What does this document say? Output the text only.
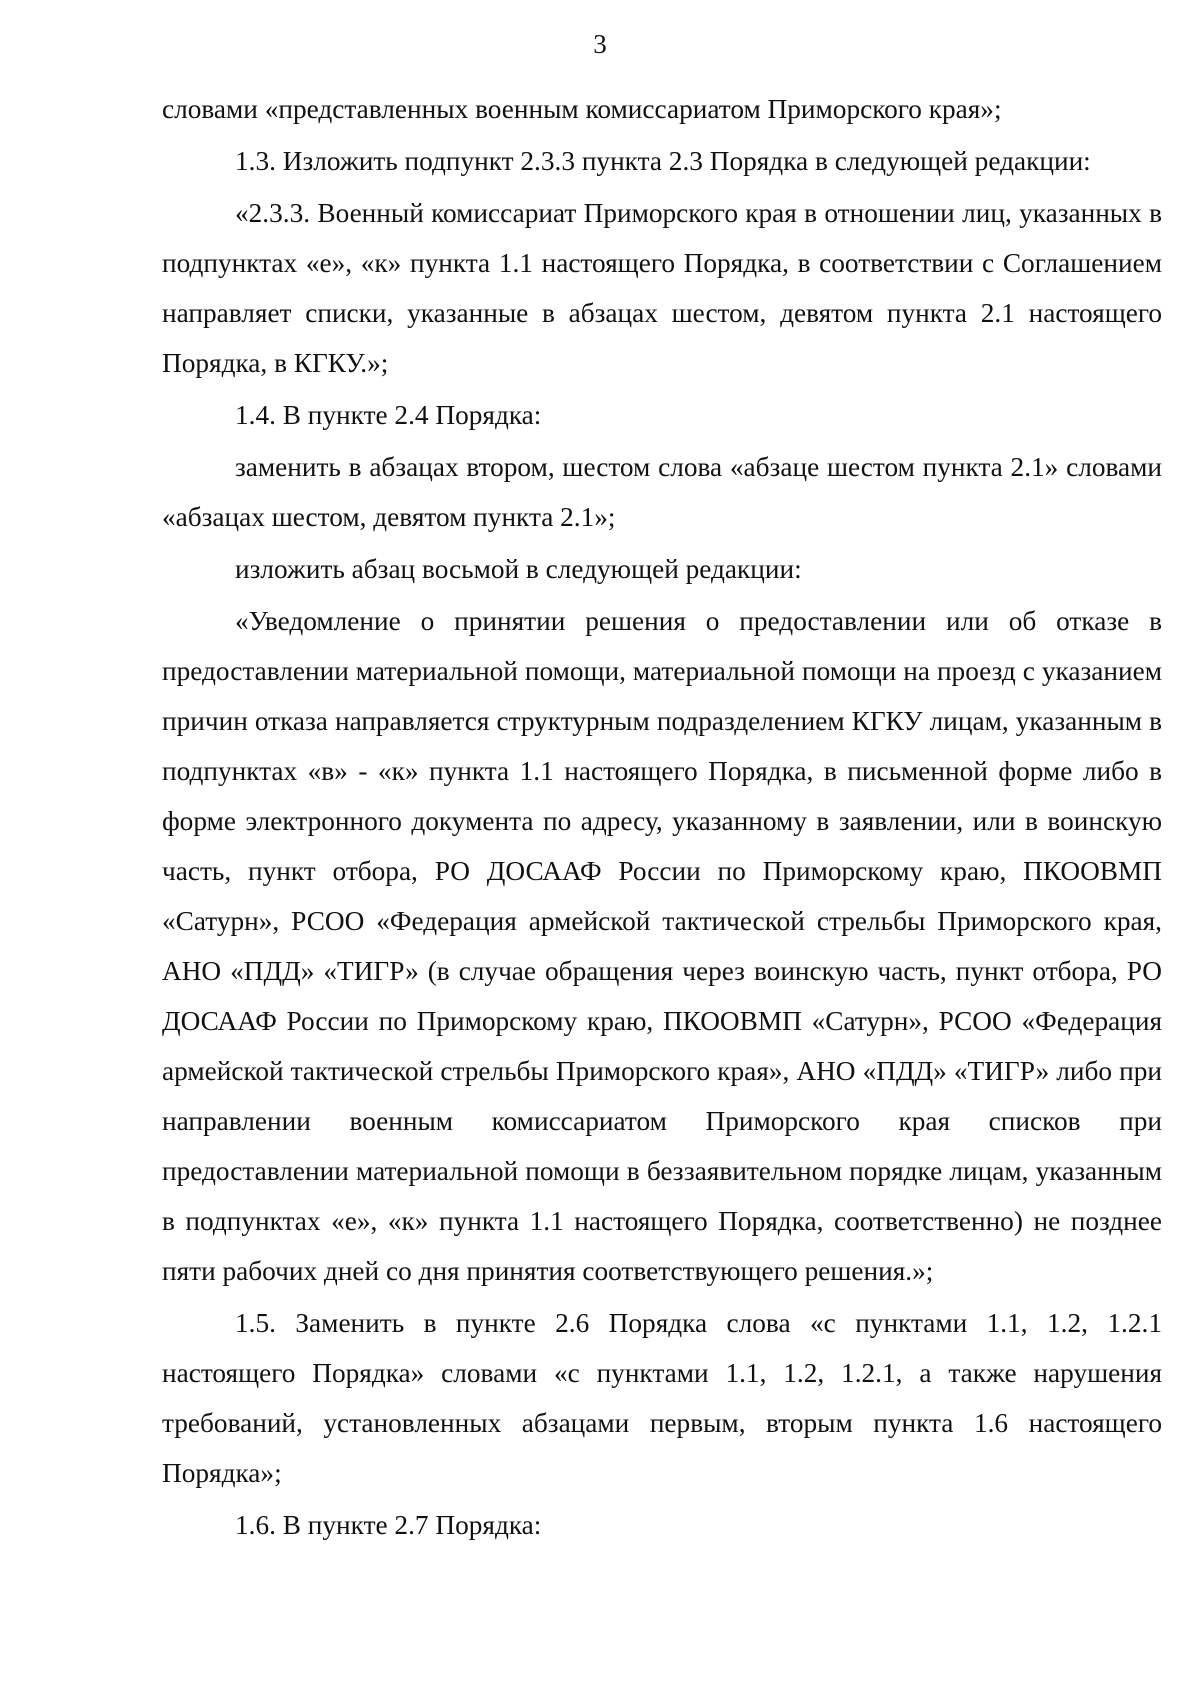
3

словами «представленных военным комиссариатом Приморского края»;

1.3. Изложить подпункт 2.3.3 пункта 2.3 Порядка в следующей редакции:

«2.3.3. Военный комиссариат Приморского края в отношении лиц, указанных в подпунктах «е», «к» пункта 1.1 настоящего Порядка, в соответствии с Соглашением направляет списки, указанные в абзацах шестом, девятом пункта 2.1 настоящего Порядка, в КГКУ.»;

1.4. В пункте 2.4 Порядка:

заменить в абзацах втором, шестом слова «абзаце шестом пункта 2.1» словами «абзацах шестом, девятом пункта 2.1»;

изложить абзац восьмой в следующей редакции:

«Уведомление о принятии решения о предоставлении или об отказе в предоставлении материальной помощи, материальной помощи на проезд с указанием причин отказа направляется структурным подразделением КГКУ лицам, указанным в подпунктах «в» - «к» пункта 1.1 настоящего Порядка, в письменной форме либо в форме электронного документа по адресу, указанному в заявлении, или в воинскую часть, пункт отбора, РО ДОСААФ России по Приморскому краю, ПКООВМП «Сатурн», РСОО «Федерация армейской тактической стрельбы Приморского края, АНО «ПДД» «ТИГР» (в случае обращения через воинскую часть, пункт отбора, РО ДОСААФ России по Приморскому краю, ПКООВМП «Сатурн», РСОО «Федерация армейской тактической стрельбы Приморского края», АНО «ПДД» «ТИГР» либо при направлении военным комиссариатом Приморского края списков при предоставлении материальной помощи в беззаявительном порядке лицам, указанным в подпунктах «е», «к» пункта 1.1 настоящего Порядка, соответственно) не позднее пяти рабочих дней со дня принятия соответствующего решения.»;

1.5. Заменить в пункте 2.6 Порядка слова «с пунктами 1.1, 1.2, 1.2.1 настоящего Порядка» словами «с пунктами 1.1, 1.2, 1.2.1, а также нарушения требований, установленных абзацами первым, вторым пункта 1.6 настоящего Порядка»;

1.6. В пункте 2.7 Порядка:
